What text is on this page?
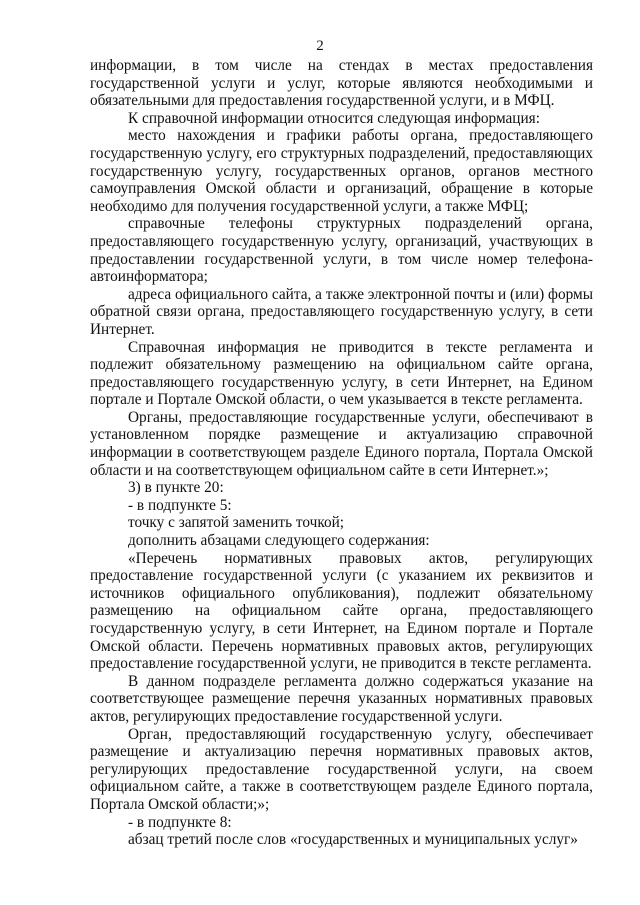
2

информации, в том числе на стендах в местах предоставления государственной услуги и услуг, которые являются необходимыми и обязательными для предоставления государственной услуги, и в МФЦ.

К справочной информации относится следующая информация:

место нахождения и графики работы органа, предоставляющего государственную услугу, его структурных подразделений, предоставляющих государственную услугу, государственных органов, органов местного самоуправления Омской области и организаций, обращение в которые необходимо для получения государственной услуги, а также МФЦ;

справочные телефоны структурных подразделений органа, предоставляющего государственную услугу, организаций, участвующих в предоставлении государственной услуги, в том числе номер телефона-автоинформатора;

адреса официального сайта, а также электронной почты и (или) формы обратной связи органа, предоставляющего государственную услугу, в сети Интернет.

Справочная информация не приводится в тексте регламента и подлежит обязательному размещению на официальном сайте органа, предоставляющего государственную услугу, в сети Интернет, на Едином портале и Портале Омской области, о чем указывается в тексте регламента.

Органы, предоставляющие государственные услуги, обеспечивают в установленном порядке размещение и актуализацию справочной информации в соответствующем разделе Единого портала, Портала Омской области и на соответствующем официальном сайте в сети Интернет.»;

3) в пункте 20:

- в подпункте 5:

точку с запятой заменить точкой;

дополнить абзацами следующего содержания:

«Перечень нормативных правовых актов, регулирующих предоставление государственной услуги (с указанием их реквизитов и источников официального опубликования), подлежит обязательному размещению на официальном сайте органа, предоставляющего государственную услугу, в сети Интернет, на Едином портале и Портале Омской области. Перечень нормативных правовых актов, регулирующих предоставление государственной услуги, не приводится в тексте регламента.

В данном подразделе регламента должно содержаться указание на соответствующее размещение перечня указанных нормативных правовых актов, регулирующих предоставление государственной услуги.

Орган, предоставляющий государственную услугу, обеспечивает размещение и актуализацию перечня нормативных правовых актов, регулирующих предоставление государственной услуги, на своем официальном сайте, а также в соответствующем разделе Единого портала, Портала Омской области;»;

- в подпункте 8:

абзац третий после слов «государственных и муниципальных услуг»
